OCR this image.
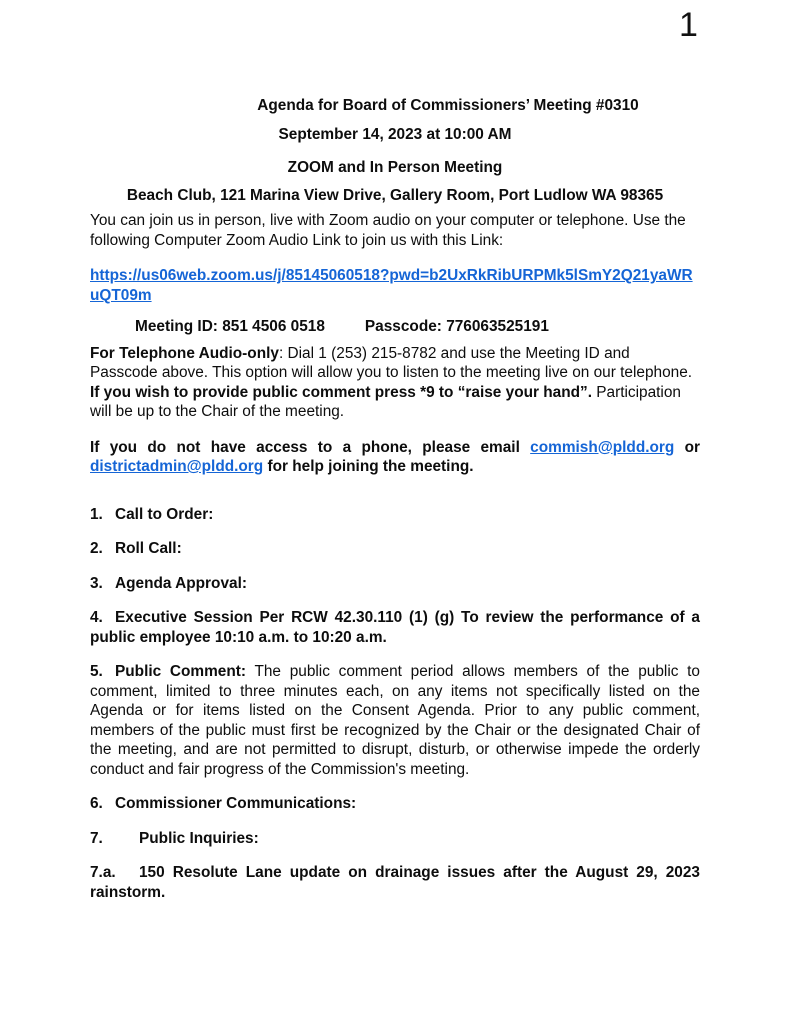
1

Agenda for Board of Commissioners’ Meeting #0310

September 14, 2023 at 10:00 AM

ZOOM and In Person Meeting

Beach Club, 121 Marina View Drive, Gallery Room, Port Ludlow WA 98365

You can join us in person, live with Zoom audio on your computer or telephone. Use the following Computer Zoom Audio Link to join us with this Link:

https://us06web.zoom.us/j/85145060518?pwd=b2UxRkRibURPMk5lSmY2Q21yaWRuQT09m

Meeting ID: 851 4506 0518	Passcode: 776063525191

For Telephone Audio-only: Dial 1 (253) 215-8782 and use the Meeting ID and Passcode above. This option will allow you to listen to the meeting live on our telephone. If you wish to provide public comment press *9 to “raise your hand”. Participation will be up to the Chair of the meeting.

If you do not have access to a phone, please email commish@pldd.org or districtadmin@pldd.org for help joining the meeting.

1. Call to Order:

2. Roll Call:

3. Agenda Approval:

4. Executive Session Per RCW 42.30.110 (1) (g) To review the performance of a public employee 10:10 a.m. to 10:20 a.m.

5. Public Comment: The public comment period allows members of the public to comment, limited to three minutes each, on any items not specifically listed on the Agenda or for items listed on the Consent Agenda. Prior to any public comment, members of the public must first be recognized by the Chair or the designated Chair of the meeting, and are not permitted to disrupt, disturb, or otherwise impede the orderly conduct and fair progress of the Commission's meeting.

6. Commissioner Communications:

7. Public Inquiries:

7.a. 150 Resolute Lane update on drainage issues after the August 29, 2023 rainstorm.
